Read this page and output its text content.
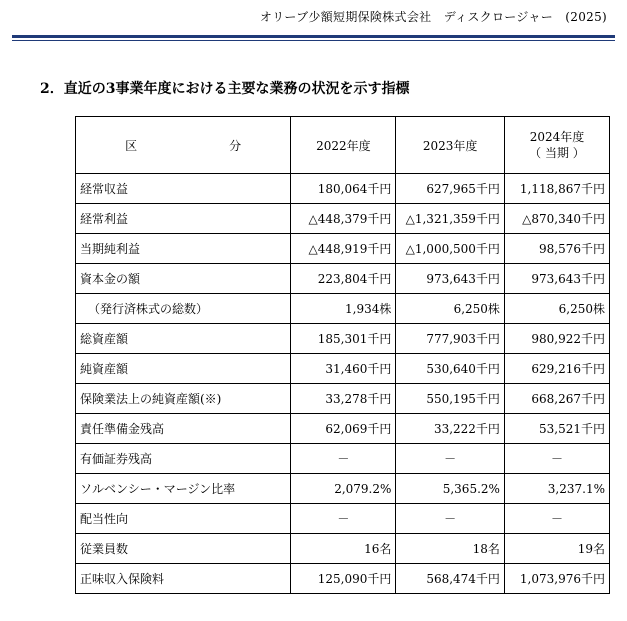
オリーブ少額短期保険株式会社　ディスクロージャー　(2025)
2．直近の3事業年度における主要な業務の状況を示す指標
区　分	2022年度	2023年度	2024年度
（ 当期 ）

経常収益	180,064千円	627,965千円	1,118,867千円
経常利益	△448,379千円	△1,321,359千円	△870,340千円
当期純利益	△448,919千円	△1,000,500千円	98,576千円
資本金の額	223,804千円	973,643千円	973,643千円
（発行済株式の総数）	1,934株	6,250株	6,250株
総資産額	185,301千円	777,903千円	980,922千円
純資産額	31,460千円	530,640千円	629,216千円
保険業法上の純資産額(※)	33,278千円	550,195千円	668,267千円
責任準備金残高	62,069千円	33,222千円	53,521千円
有価証券残高	－	－	－
ソルベンシー・マージン比率	2,079.2%	5,365.2%	3,237.1%
配当性向	－	－	－
従業員数	16名	18名	19名
正味収入保険料	125,090千円	568,474千円	1,073,976千円
